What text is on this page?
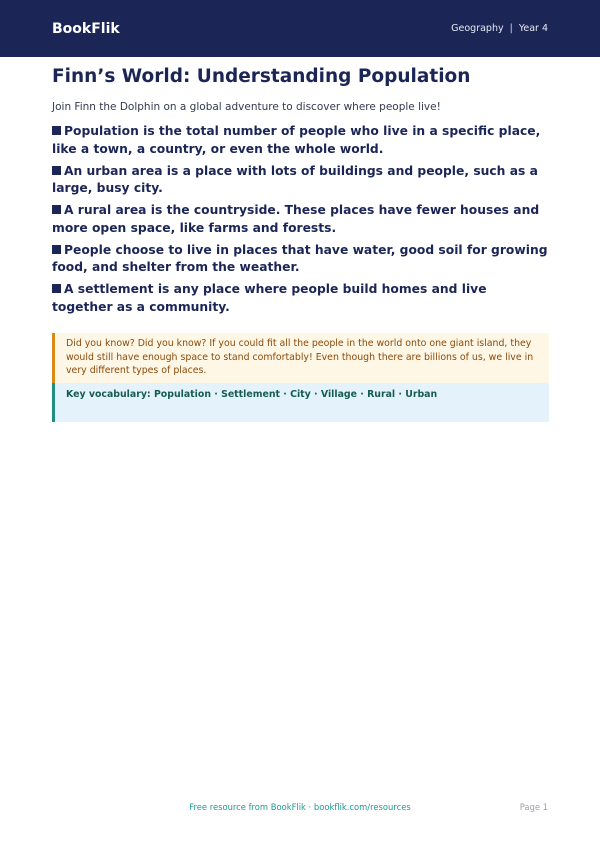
BookFlik	Geography | Year 4
Finn’s World: Understanding Population

Join Finn the Dolphin on a global adventure to discover where people live!

Population is the total number of people who live in a specific place, like a town, a country, or even the whole world.
An urban area is a place with lots of buildings and people, such as a large, busy city.
A rural area is the countryside. These places have fewer houses and more open space, like farms and forests.
People choose to live in places that have water, good soil for growing food, and shelter from the weather.
A settlement is any place where people build homes and live together as a community.
Did you know? Did you know? If you could fit all the people in the world onto one giant island, they would still have enough space to stand comfortably! Even though there are billions of us, we live in very different types of places.
Key vocabulary: Population · Settlement · City · Village · Rural · Urban
Free resource from BookFlik · bookflik.com/resources	Page 1
